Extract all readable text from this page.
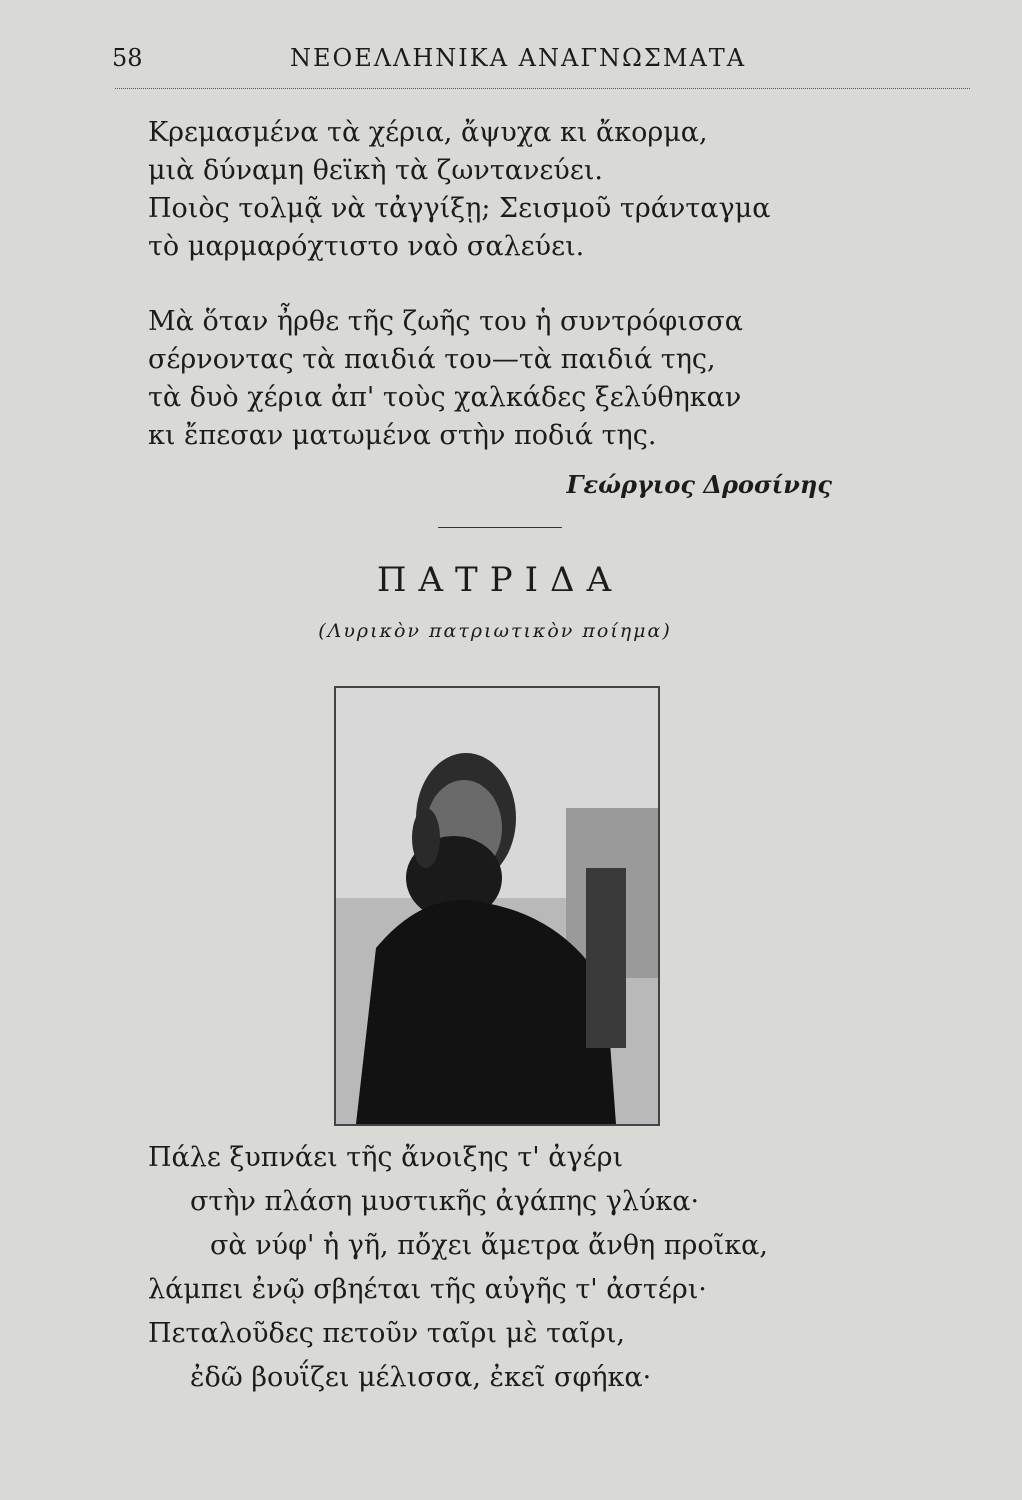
58	ΝΕΟΕΛΛΗΝΙΚΑ ΑΝΑΓΝΩΣΜΑΤΑ
Κρεμασμένα τὰ χέρια, ἄψυχα κι ἄκορμα,
μιὰ δύναμη θεϊκὴ τὰ ζωντανεύει.
Ποιὸς τολμᾷ νὰ τἀγγίξῃ; Σεισμοῦ τράνταγμα
τὸ μαρμαρόχτιστο ναὸ σαλεύει.
Μὰ ὅταν ἦρθε τῆς ζωῆς του ἡ συντρόφισσα
σέρνοντας τὰ παιδιά του—τὰ παιδιά της,
τὰ δυὸ χέρια ἀπ' τοὺς χαλκάδες ξελύθηκαν
κι ἔπεσαν ματωμένα στὴν ποδιά της.
Γεώργιος Δροσίνης
ΠΑΤΡΙΔΑ
(Λυρικὸν πατριωτικὸν ποίημα)
Πάλε ξυπνάει τῆς ἄνοιξης τ' ἀγέρι
στὴν πλάση μυστικῆς ἀγάπης γλύκα·
σὰ νύφ' ἡ γῆ, πὄχει ἄμετρα ἄνθη προῖκα,
λάμπει ἐνῷ σβηέται τῆς αὐγῆς τ' ἀστέρι·
Πεταλοῦδες πετοῦν ταῖρι μὲ ταῖρι,
ἐδῶ βουΐζει μέλισσα, ἐκεῖ σφήκα·
